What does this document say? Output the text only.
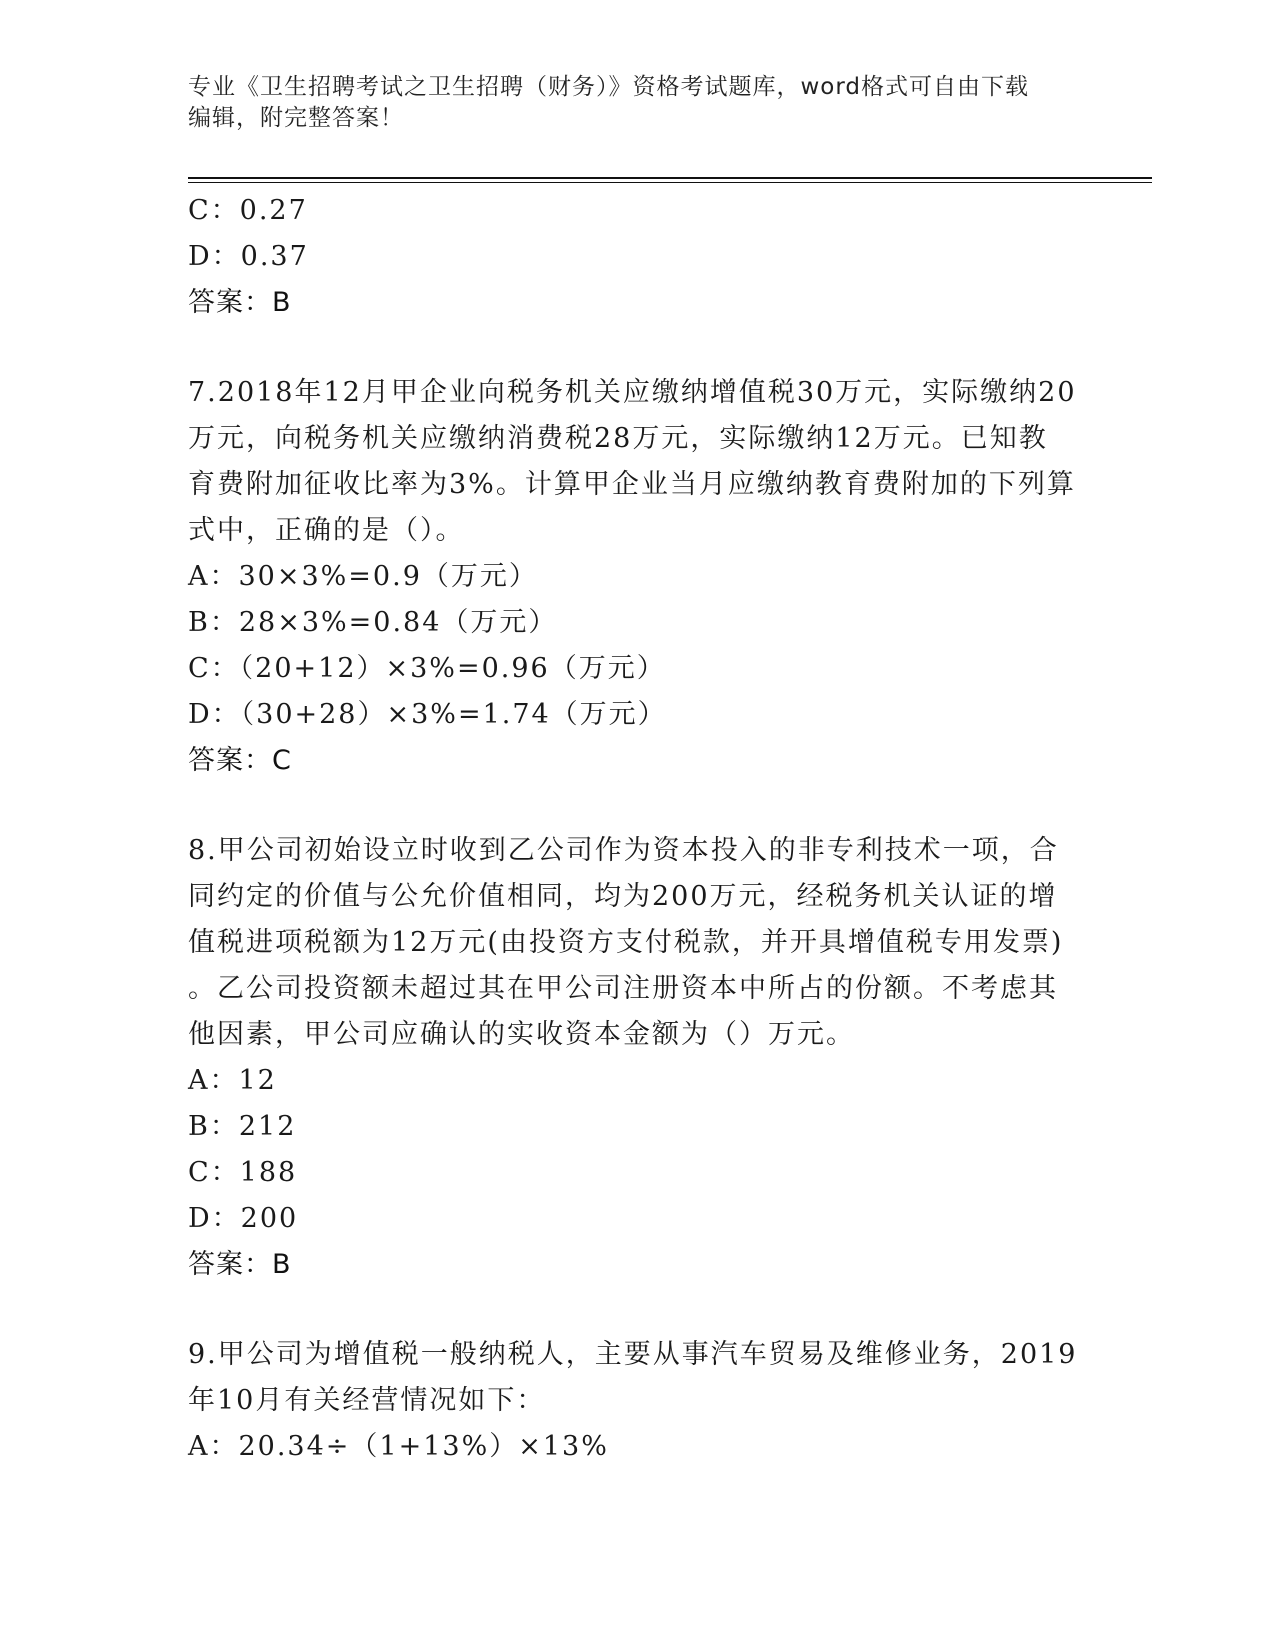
专业《卫生招聘考试之卫生招聘（财务）》资格考试题库，word格式可自由下载
编辑，附完整答案！
C：0.27
D：0.37
答案：B
7.2018年12月甲企业向税务机关应缴纳增值税30万元，实际缴纳20
万元，向税务机关应缴纳消费税28万元，实际缴纳12万元。已知教
育费附加征收比率为3%。计算甲企业当月应缴纳教育费附加的下列算
式中，正确的是（）。
A：30×3%=0.9（万元）
B：28×3%=0.84（万元）
C：（20+12）×3%=0.96（万元）
D：（30+28）×3%=1.74（万元）
答案：C
8.甲公司初始设立时收到乙公司作为资本投入的非专利技术一项，合
同约定的价值与公允价值相同，均为200万元，经税务机关认证的增
值税进项税额为12万元(由投资方支付税款，并开具增值税专用发票)
。乙公司投资额未超过其在甲公司注册资本中所占的份额。不考虑其
他因素，甲公司应确认的实收资本金额为（）万元。
A：12
B：212
C：188
D：200
答案：B
9.甲公司为增值税一般纳税人，主要从事汽车贸易及维修业务，2019
年10月有关经营情况如下：
A：20.34÷（1+13%）×13%
